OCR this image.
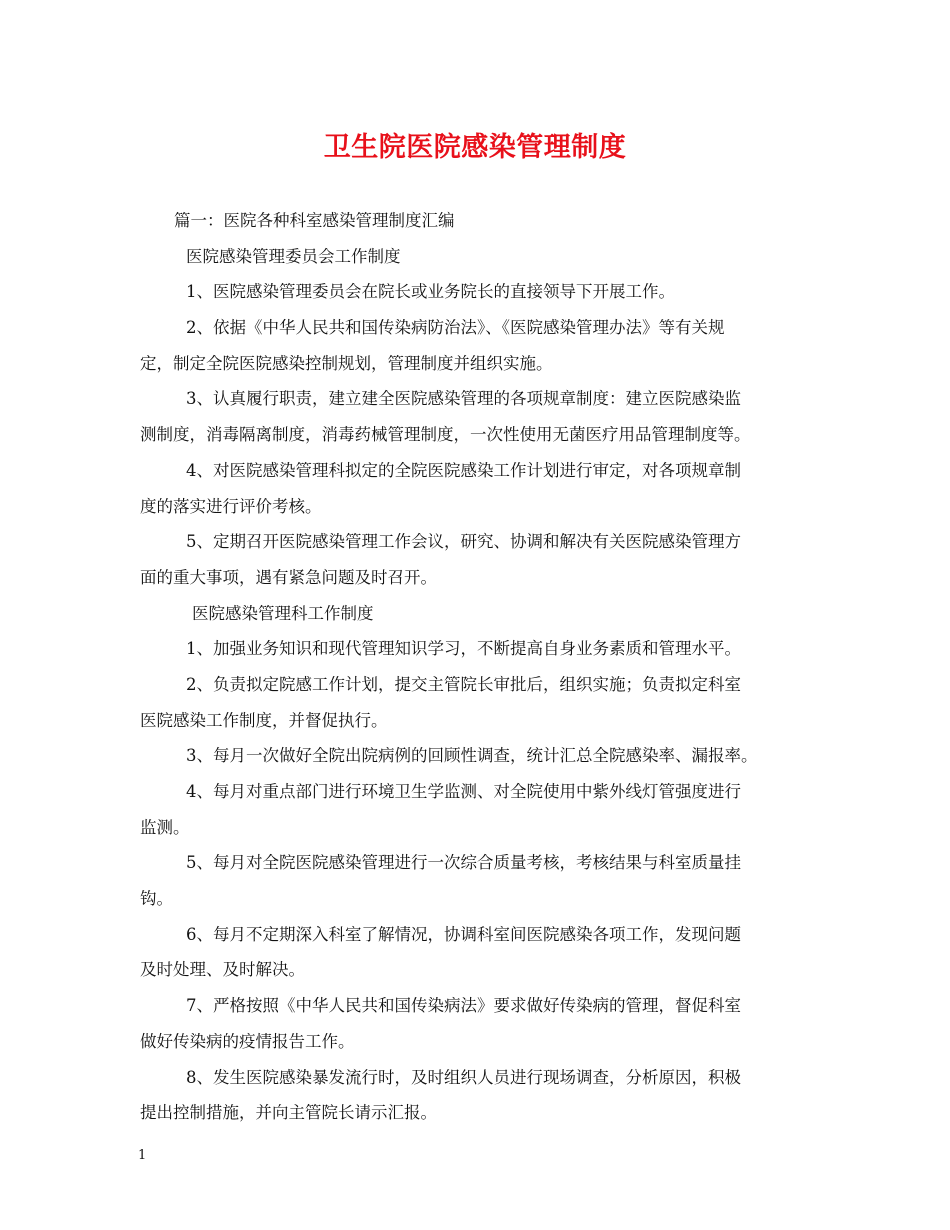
卫生院医院感染管理制度
篇一：医院各种科室感染管理制度汇编
医院感染管理委员会工作制度
1、医院感染管理委员会在院长或业务院长的直接领导下开展工作。
2、依据《中华人民共和国传染病防治法》、《医院感染管理办法》等有关规
定，制定全院医院感染控制规划，管理制度并组织实施。
3、认真履行职责，建立建全医院感染管理的各项规章制度：建立医院感染监
测制度，消毒隔离制度，消毒药械管理制度，一次性使用无菌医疗用品管理制度等。
4、对医院感染管理科拟定的全院医院感染工作计划进行审定，对各项规章制
度的落实进行评价考核。
5、定期召开医院感染管理工作会议，研究、协调和解决有关医院感染管理方
面的重大事项，遇有紧急问题及时召开。
医院感染管理科工作制度
1、加强业务知识和现代管理知识学习，不断提高自身业务素质和管理水平。
2、负责拟定院感工作计划，提交主管院长审批后，组织实施；负责拟定科室
医院感染工作制度，并督促执行。
3、每月一次做好全院出院病例的回顾性调查，统计汇总全院感染率、漏报率。
4、每月对重点部门进行环境卫生学监测、对全院使用中紫外线灯管强度进行
监测。
5、每月对全院医院感染管理进行一次综合质量考核，考核结果与科室质量挂
钩。
6、每月不定期深入科室了解情况，协调科室间医院感染各项工作，发现问题
及时处理、及时解决。
7、严格按照《中华人民共和国传染病法》要求做好传染病的管理，督促科室
做好传染病的疫情报告工作。
8、发生医院感染暴发流行时，及时组织人员进行现场调查，分析原因，积极
提出控制措施，并向主管院长请示汇报。
1
